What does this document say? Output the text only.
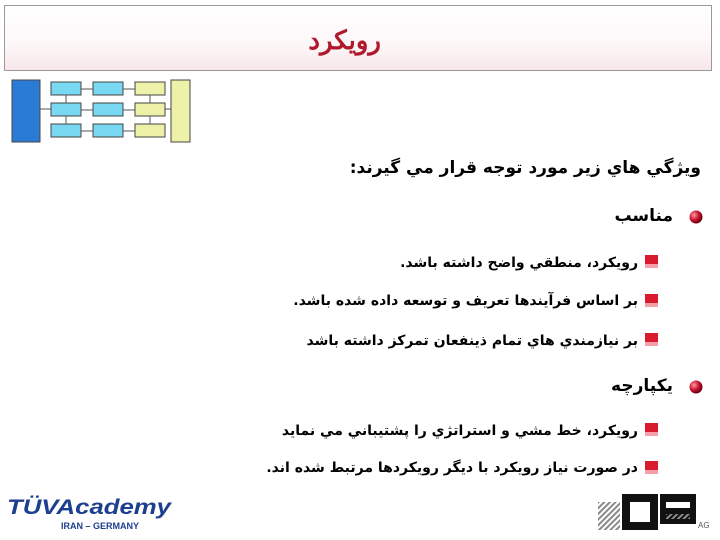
رويكرد
ويژگي هاي زير مورد توجه قرار مي گيرند:
مناسب
رويكرد، منطقي واضح داشته باشد.
بر اساس فرآيندها تعريف و توسعه داده شده باشد.
بر نيازمندي هاي تمام ذينفعان تمركز داشته باشد
يكپارچه
رويكرد، خط مشي و استراتژي را پشتيباني مي نمايد
در صورت نياز رويكرد با ديگر رويكردها مرتبط شده اند.
TÜVAcademy
IRAN – GERMANY	AG
